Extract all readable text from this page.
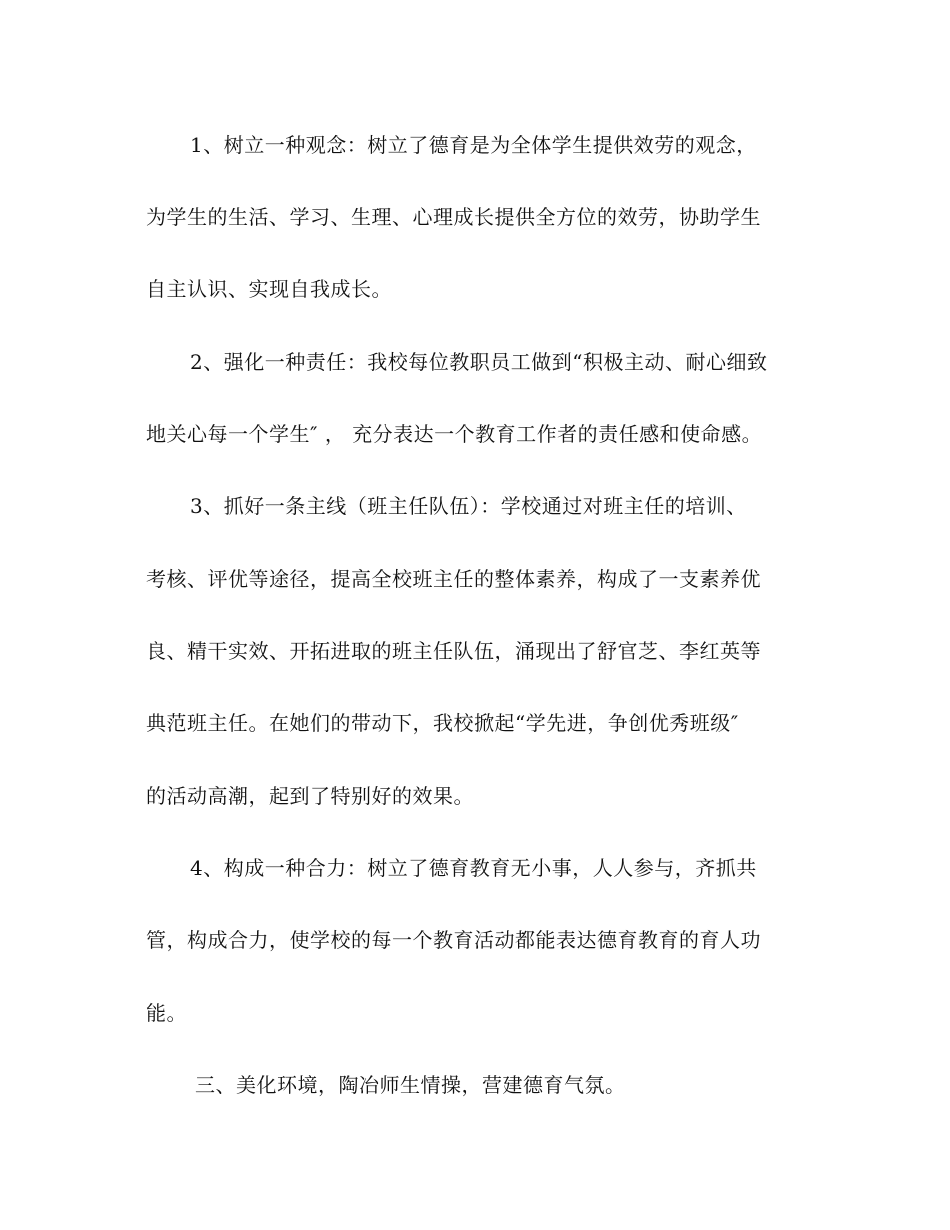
1、树立一种观念：树立了德育是为全体学生提供效劳的观念，
为学生的生活、学习、生理、心理成长提供全方位的效劳，协助学生
自主认识、实现自我成长。
2、强化一种责任：我校每位教职员工做到“积极主动、耐心细致
地关心每一个学生″ ， 充分表达一个教育工作者的责任感和使命感。
3、抓好一条主线（班主任队伍）：学校通过对班主任的培训、
考核、评优等途径，提高全校班主任的整体素养，构成了一支素养优
良、精干实效、开拓进取的班主任队伍，涌现出了舒官芝、李红英等
典范班主任。在她们的带动下，我校掀起“学先进，争创优秀班级″
的活动高潮，起到了特别好的效果。
4、构成一种合力：树立了德育教育无小事，人人参与，齐抓共
管，构成合力，使学校的每一个教育活动都能表达德育教育的育人功
能。
三、美化环境，陶冶师生情操，营建德育气氛。
